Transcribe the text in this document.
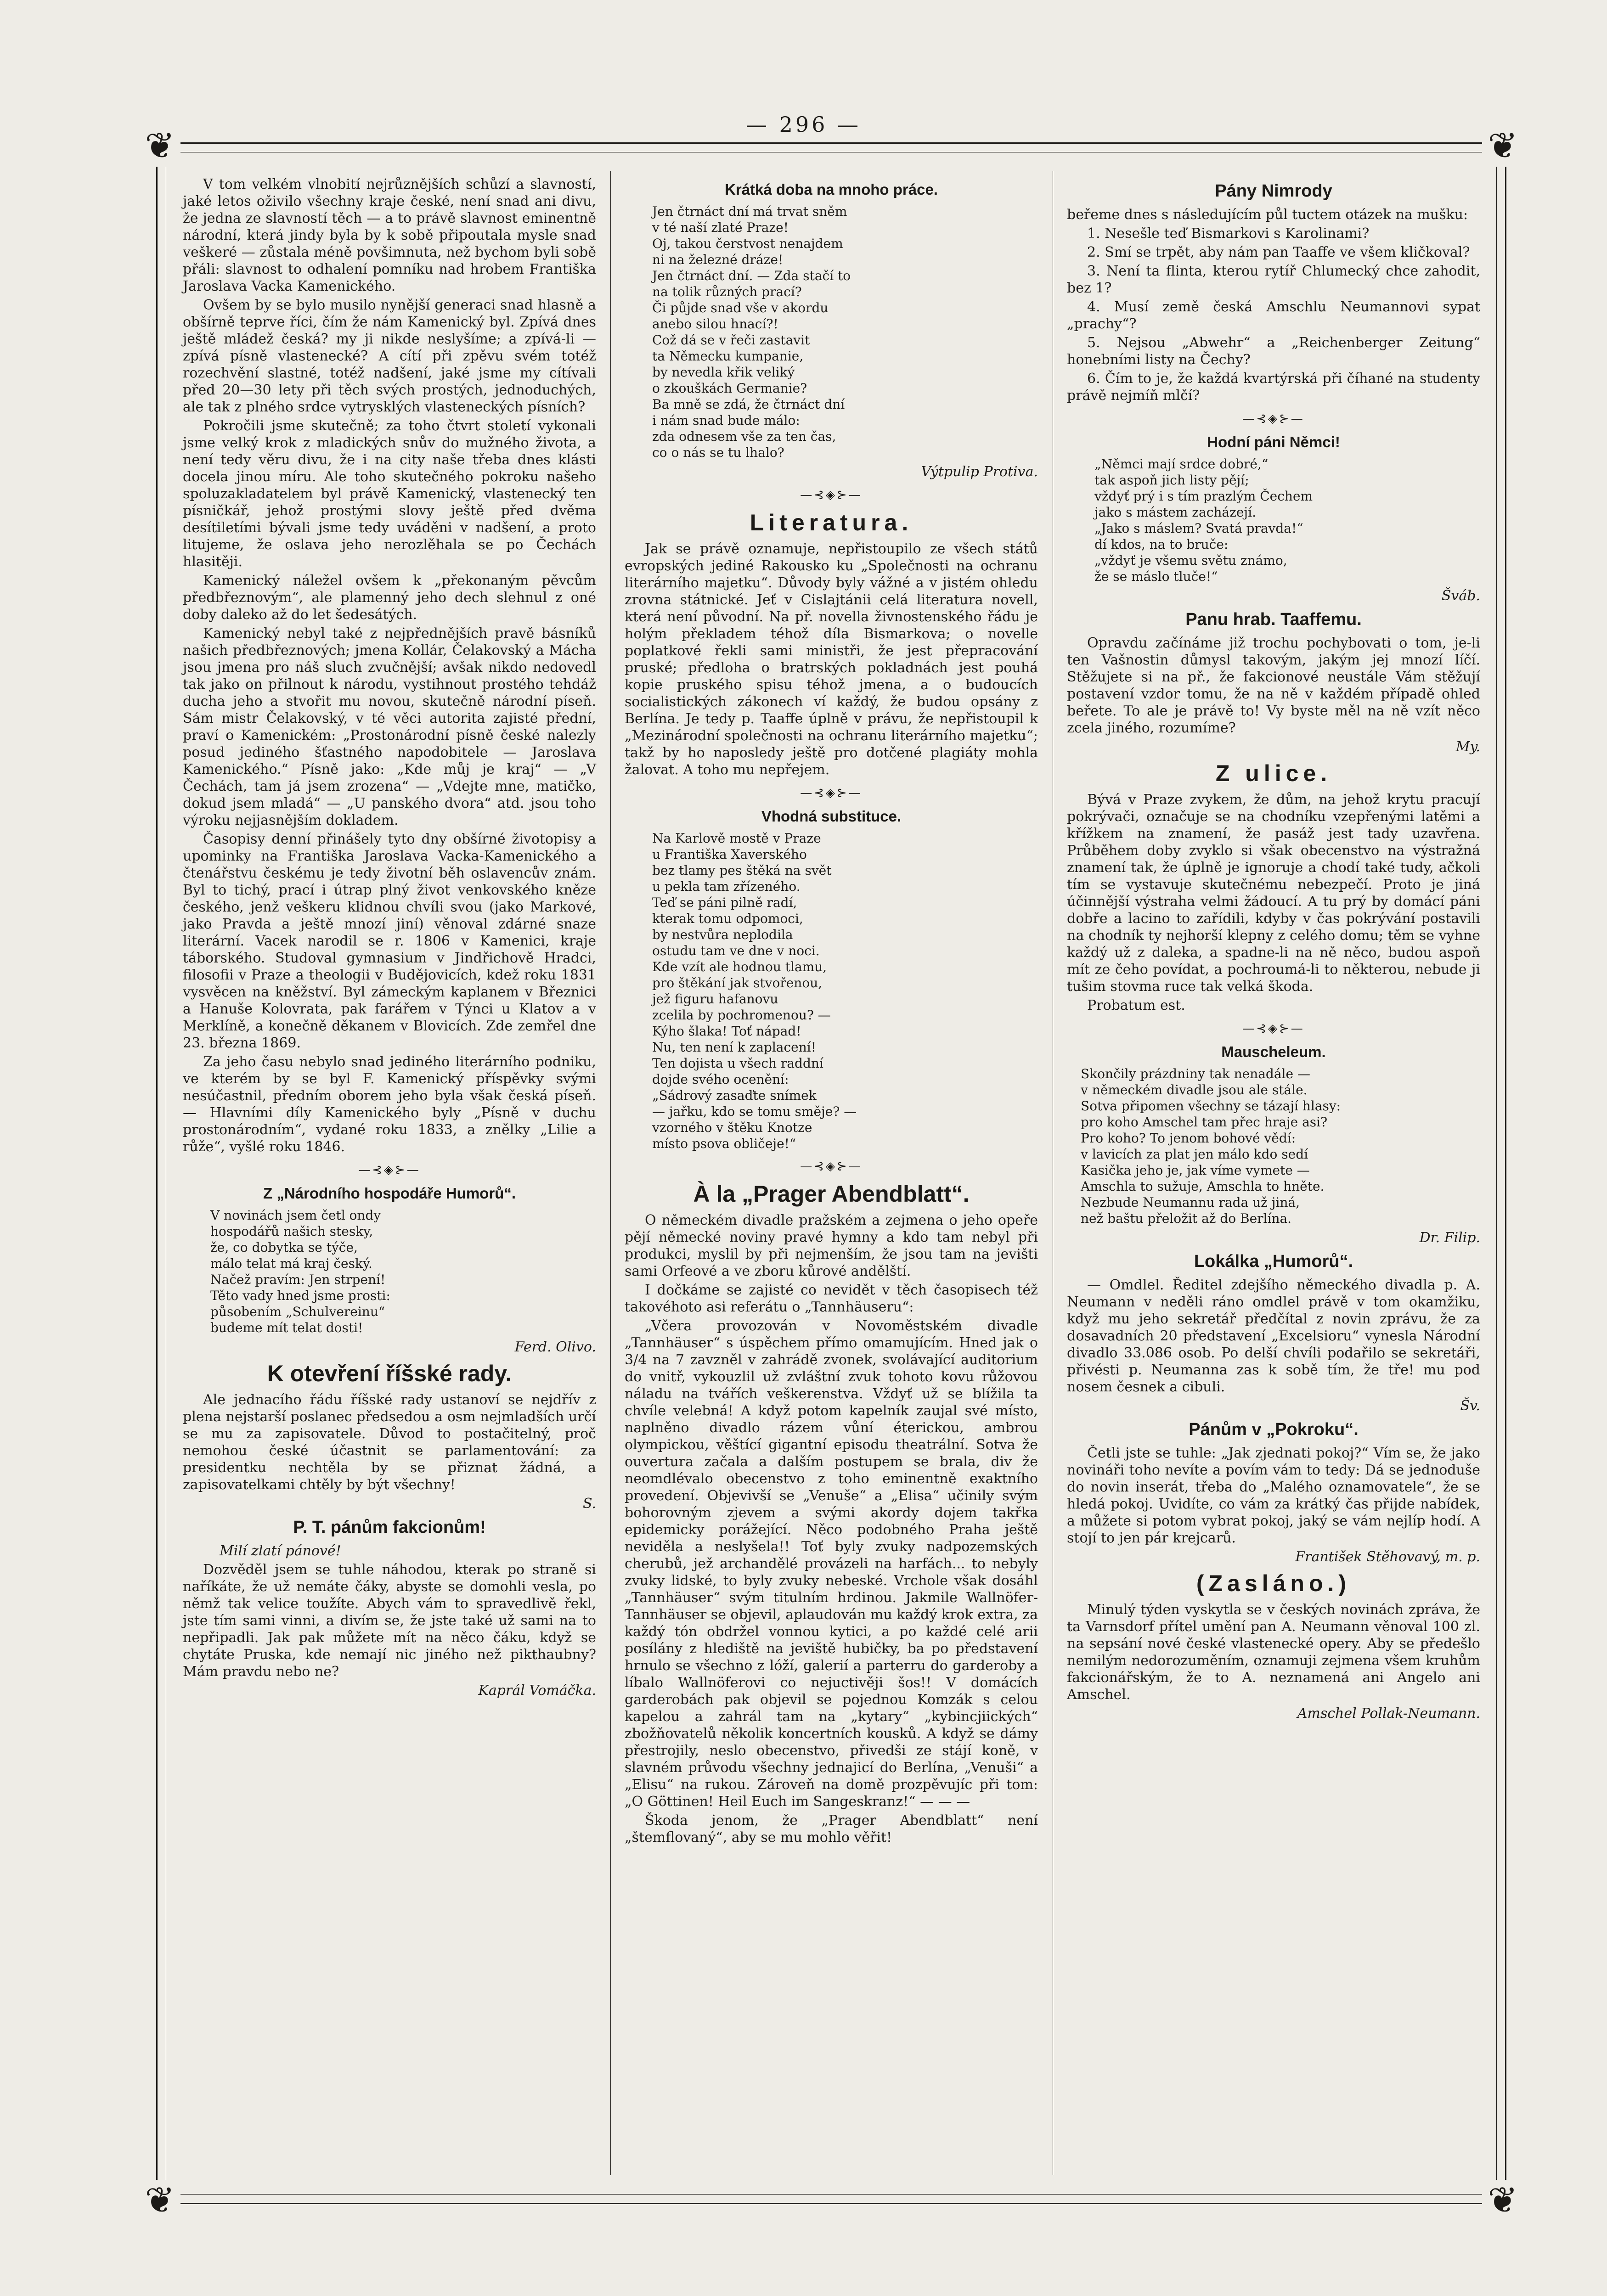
— 296 —
❦	❦
❦	❦

V tom velkém vlnobití nejrůznějších schůzí a slavností, jaké letos oživilo všechny kraje české, není snad ani divu, že jedna ze slavností těch — a to právě slavnost eminentně národní, která jindy byla by k sobě připoutala mysle snad veškeré — zůstala méně povšimnuta, než bychom byli sobě přáli: slavnost to odhalení pomníku nad hrobem Františka Jaroslava Vacka Kamenického.

Ovšem by se bylo musilo nynější generaci snad hlasně a obšírně teprve říci, čím že nám Kamenický byl. Zpívá dnes ještě mládež česká? my ji nikde neslyšíme; a zpívá-li — zpívá písně vlastenecké? A cítí při zpěvu svém totéž rozechvění slastné, totéž nadšení, jaké jsme my cítívali před 20—30 lety při těch svých prostých, jednoduchých, ale tak z plného srdce vytrysklých vlasteneckých písních?

Pokročili jsme skutečně; za toho čtvrt století vykonali jsme velký krok z mladických snův do mužného života, a není tedy věru divu, že i na city naše třeba dnes klásti docela jinou míru. Ale toho skutečného pokroku našeho spoluzakladatelem byl právě Kamenický, vlastenecký ten písničkář, jehož prostými slovy ještě před dvěma desítiletími bývali jsme tedy uváděni v nadšení, a proto litujeme, že oslava jeho nerozlěhala se po Čechách hlasitěji.

Kamenický náležel ovšem k „překonaným pěvcům předbřeznovým“, ale plamenný jeho dech slehnul z oné doby daleko až do let šedesátých.

Kamenický nebyl také z nejpřednějších pravě básníků našich předbřeznových; jmena Kollár, Čelakovský a Mácha jsou jmena pro náš sluch zvučnější; avšak nikdo nedovedl tak jako on přilnout k národu, vystihnout prostého tehdáž ducha jeho a stvořit mu novou, skutečně národní píseň. Sám mistr Čelakovský, v té věci autorita zajisté přední, praví o Kamenickém: „Prostonárodní písně české nalezly posud jediného šťastného napodobitele — Jaroslava Kamenického.“ Písně jako: „Kde můj je kraj“ — „V Čechách, tam já jsem zrozena“ — „Vdejte mne, matičko, dokud jsem mladá“ — „U panského dvora“ atd. jsou toho výroku nejjasnějším dokladem.

Časopisy denní přinášely tyto dny obšírné životopisy a upominky na Františka Jaroslava Vacka-Kamenického a čtenářstvu českému je tedy životní běh oslavencův znám. Byl to tichý, prací i útrap plný život venkovského kněze českého, jenž veškeru klidnou chvíli svou (jako Markové, jako Pravda a ještě mnozí jiní) věnoval zdárné snaze literární. Vacek narodil se r. 1806 v Kamenici, kraje táborského. Studoval gymnasium v Jindřichově Hradci, filosofii v Praze a theologii v Budějovicích, kdež roku 1831 vysvěcen na kněžství. Byl zámeckým kaplanem v Březnici a Hanuše Kolovrata, pak farářem v Týnci u Klatov a v Merklíně, a konečně děkanem v Blovicích. Zde zemřel dne 23. března 1869.

Za jeho času nebylo snad jediného literárního podniku, ve kterém by se byl F. Kamenický příspěvky svými nesúčastnil, předním oborem jeho byla však česká píseň. — Hlavními díly Kamenického byly „Písně v duchu prostonárodním“, vydané roku 1833, a znělky „Lilie a růže“, vyšlé roku 1846.

—⊰◈⊱—
Z „Národního hospodáře Humorů“.
V novinách jsem četl ondy
hospodářů našich stesky,
že, co dobytka se týče,
málo telat má kraj český.
Načež pravím: Jen strpení!
Těto vady hned jsme prosti:
působením „Schulvereinu“
budeme mít telat dosti!
Ferd. Olivo.
K otevření říšské rady.

Ale jednacího řádu říšské rady ustanoví se nejdřív z plena nejstarší poslanec předsedou a osm nejmladších určí se mu za zapisovatele. Důvod to postačitelný, proč nemohou české účastnit se parlamentování: za presidentku nechtěla by se přiznat žádná, a zapisovatelkami chtěly by být všechny!

S.
P. T. pánům fakcionům!

Milí zlatí pánové!

Dozvěděl jsem se tuhle náhodou, kterak po straně si naříkáte, že už nemáte čáky, abyste se domohli vesla, po němž tak velice toužíte. Abych vám to spravedlivě řekl, jste tím sami vinni, a divím se, že jste také už sami na to nepřipadli. Jak pak můžete mít na něco čáku, když se chytáte Pruska, kde nemají nic jiného než pikthaubny? Mám pravdu nebo ne?

Kaprál Vomáčka.
Krátká doba na mnoho práce.
Jen čtrnáct dní má trvat sněm
v té naší zlaté Praze!
Oj, takou čerstvost nenajdem
ni na železné dráze!
Jen čtrnáct dní. — Zda stačí to
na tolik různých prací?
Či půjde snad vše v akordu
anebo silou hnací?!
Což dá se v řeči zastavit
ta Německu kumpanie,
by nevedla křik veliký
o zkouškách Germanie?
Ba mně se zdá, že čtrnáct dní
i nám snad bude málo:
zda odnesem vše za ten čas,
co o nás se tu lhalo?
Výtpulip Protiva.
—⊰◈⊱—
Literatura.

Jak se právě oznamuje, nepřistoupilo ze všech států evropských jediné Rakousko ku „Společnosti na ochranu literárního majetku“. Důvody byly vážné a v jistém ohledu zrovna státnické. Jeť v Cislajtánii celá literatura novell, která není původní. Na př. novella živnostenského řádu je holým překladem téhož díla Bismarkova; o novelle poplatkové řekli sami ministři, že jest přepracování pruské; předloha o bratrských pokladnách jest pouhá kopie pruského spisu téhož jmena, a o budoucích socialistických zákonech ví každý, že budou opsány z Berlína. Je tedy p. Taaffe úplně v právu, že nepřistoupil k „Mezinárodní společnosti na ochranu literárního majetku“; takž by ho naposledy ještě pro dotčené plagiáty mohla žalovat. A toho mu nepřejem.

—⊰◈⊱—
Vhodná substituce.
Na Karlově mostě v Praze
u Františka Xaverského
bez tlamy pes štěká na svět
u pekla tam zřízeného.
Teď se páni pilně radí,
kterak tomu odpomoci,
by nestvůra neplodila
ostudu tam ve dne v noci.
Kde vzít ale hodnou tlamu,
pro štěkání jak stvořenou,
jež figuru hafanovu
zcelila by pochromenou? —
Kýho šlaka! Toť nápad!
Nu, ten není k zaplacení!
Ten dojista u všech raddní
dojde svého ocenění:
„Sádrový zasaďte snímek
— jařku, kdo se tomu směje? —
vzorného v štěku Knotze
místo psova obličeje!“
—⊰◈⊱—
À la „Prager Abendblatt“.

O německém divadle pražském a zejmena o jeho opeře pějí německé noviny pravé hymny a kdo tam nebyl při produkci, myslil by při nejmenším, že jsou tam na jevišti sami Orfeové a ve zboru kůrové andělští.

I dočkáme se zajisté co nevidět v těch časopisech též takovéhoto asi referátu o „Tannhäuseru“:

„Včera provozován v Novoměstském divadle „Tannhäuser“ s úspěchem přímo omamujícím. Hned jak o 3/4 na 7 zavzněl v zahrádě zvonek, svolávající auditorium do vnitř, vykouzlil už zvláštní zvuk tohoto kovu růžovou náladu na tvářích veškerenstva. Vždyť už se blížila ta chvíle velebná! A když potom kapelník zaujal své místo, naplněno divadlo rázem vůní éterickou, ambrou olympickou, věštící gigantní episodu theatrální. Sotva že ouvertura začala a dalším postupem se brala, div že neomdlévalo obecenstvo z toho eminentně exaktního provedení. Objevivší se „Venuše“ a „Elisa“ učinily svým bohorovným zjevem a svými akordy dojem takřka epidemicky porážející. Něco podobného Praha ještě neviděla a neslyšela!! Toť byly zvuky nadpozemských cherubů, jež archandělé provázeli na harfách... to nebyly zvuky lidské, to byly zvuky nebeské. Vrchole však dosáhl „Tannhäuser“ svým titulním hrdinou. Jakmile Wallnöfer-Tannhäuser se objevil, aplaudován mu každý krok extra, za každý tón obdržel vonnou kytici, a po každé celé arii posílány z hlediště na jeviště hubičky, ba po představení hrnulo se všechno z lóží, galerií a parterru do garderoby a líbalo Wallnöferovi co nejuctivěji šos!! V domácích garderobách pak objevil se pojednou Komzák s celou kapelou a zahrál tam na „kytary“ „kybincjiických“ zbožňovatelů několik koncertních kousků. A když se dámy přestrojily, neslo obecenstvo, přivedši ze stájí koně, v slavném průvodu všechny jednajicí do Berlína, „Venuši“ a „Elisu“ na rukou. Zároveň na domě prozpěvujíc při tom: „O Göttinen! Heil Euch im Sangeskranz!“ — — —

Škoda jenom, že „Prager Abendblatt“ není „štemflovaný“, aby se mu mohlo věřit!

Pány Nimrody

beřeme dnes s následujícím půl tuctem otázek na mušku:

1. Nesešle teď Bismarkovi s Karolinami?

2. Smí se trpět, aby nám pan Taaffe ve všem kličkoval?

3. Není ta flinta, kterou rytíř Chlumecký chce zahodit, bez 1?

4. Musí země česká Amschlu Neumannovi sypat „prachy“?

5. Nejsou „Abwehr“ a „Reichenberger Zeitung“ honebními listy na Čechy?

6. Čím to je, že každá kvartýrská při číhané na studenty právě nejmíň mlčí?

—⊰◈⊱—
Hodní páni Němci!
„Němci mají srdce dobré,“
tak aspoň jich listy pějí;
vždyť prý i s tím prazlým Čechem
jako s mástem zacházejí.
„Jako s máslem? Svatá pravda!“
dí kdos, na to bruče:
„vždyť je všemu světu známo,
že se máslo tluče!“
Šváb.
Panu hrab. Taaffemu.

Opravdu začínáme již trochu pochybovati o tom, je-li ten Vašnostin důmysl takovým, jakým jej mnozí líčí. Stěžujete si na př., že fakcionové neustále Vám stěžují postavení vzdor tomu, že na ně v každém případě ohled beřete. To ale je právě to! Vy byste měl na ně vzít něco zcela jiného, rozumíme?

My.
Z ulice.

Bývá v Praze zvykem, že dům, na jehož krytu pracují pokrývači, označuje se na chodníku vzepřenými latěmi a křížkem na znamení, že pasáž jest tady uzavřena. Průběhem doby zvyklo si však obecenstvo na výstražná znamení tak, že úplně je ignoruje a chodí také tudy, ačkoli tím se vystavuje skutečnému nebezpečí. Proto je jiná účinnější výstraha velmi žádoucí. A tu prý by domácí páni dobře a lacino to zařídili, kdyby v čas pokrývání postavili na chodník ty nejhorší klepny z celého domu; těm se vyhne každý už z daleka, a spadne-li na ně něco, budou aspoň mít ze čeho povídat, a pochroumá-li to některou, nebude ji tušim stovma ruce tak velká škoda.

Probatum est.

—⊰◈⊱—
Mauscheleum.
Skončily prázdniny tak nenadále —
v německém divadle jsou ale stále.
Sotva připomen všechny se tázají hlasy:
pro koho Amschel tam přec hraje asi?
Pro koho? To jenom bohové vědí:
v lavicích za plat jen málo kdo sedí
Kasička jeho je, jak víme vymete —
Amschla to sužuje, Amschla to hněte.
Nezbude Neumannu rada už jiná,
než baštu přeložit až do Berlína.
Dr. Filip.
Lokálka „Humorů“.

— Omdlel. Ředitel zdejšího německého divadla p. A. Neumann v neděli ráno omdlel právě v tom okamžiku, když mu jeho sekretář předčítal z novin zprávu, že za dosavadních 20 představení „Excelsioru“ vynesla Národní divadlo 33.086 osob. Po delší chvíli podařilo se sekretáři, přivésti p. Neumanna zas k sobě tím, že tře! mu pod nosem česnek a cibuli.

Šv.
Pánům v „Pokroku“.

Četli jste se tuhle: „Jak zjednati pokoj?“ Vím se, že jako novináři toho nevíte a povím vám to tedy: Dá se jednoduše do novin inserát, třeba do „Malého oznamovatele“, že se hledá pokoj. Uvidíte, co vám za krátký čas přijde nabídek, a můžete si potom vybrat pokoj, jaký se vám nejlíp hodí. A stojí to jen pár krejcarů.

František Stěhovavý, m. p.
(Zasláno.)

Minulý týden vyskytla se v českých novinách zpráva, že ta Varnsdorf přítel umění pan A. Neumann věnoval 100 zl. na sepsání nové české vlastenecké opery. Aby se předešlo nemilým nedorozuměním, oznamuji zejmena všem kruhům fakcionářským, že to A. neznamená ani Angelo ani Amschel.

Amschel Pollak-Neumann.
